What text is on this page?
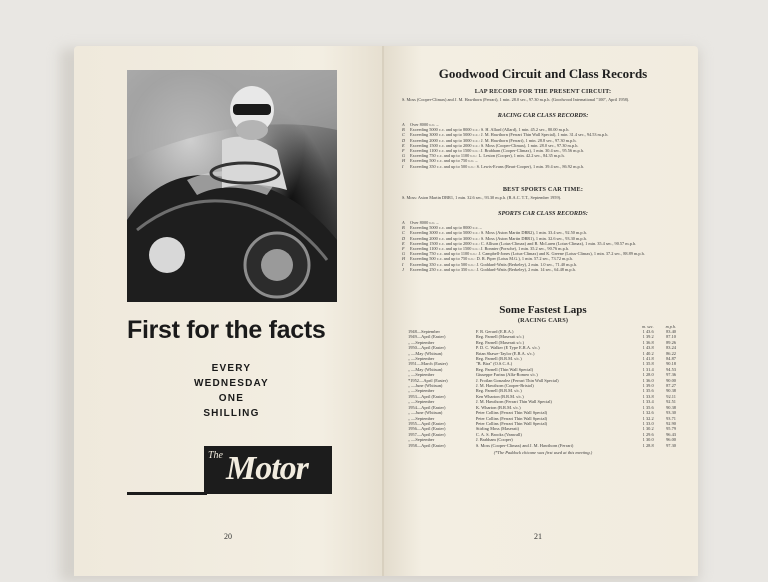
First for the facts
EVERY
WEDNESDAY
ONE
SHILLING
The Motor
20
Goodwood Circuit and Class Records
LAP RECORD FOR THE PRESENT CIRCUIT:
S. Moss (Cooper-Climax) and J. M. Hawthorn (Ferrari), 1 min. 28.0 sec., 97.30 m.p.h. (Goodwood International "100", April 1958).
RACING CAR CLASS RECORDS:
A	Over 8000 c.c. –
B	Exceeding 5000 c.c. and up to 8000 c.c.: S. H. Allard (Allard), 1 min. 45.2 sec., 80.00 m.p.h.
C	Exceeding 3000 c.c. and up to 5000 c.c.: J. M. Hawthorn (Ferrari Thin Wall Special), 1 min. 31.4 sec., 94.53 m.p.h.
D	Exceeding 2000 c.c. and up to 3000 c.c.: J. M. Hawthorn (Ferrari), 1 min. 28.8 sec., 97.30 m.p.h.
E	Exceeding 1500 c.c. and up to 2000 c.c.: S. Moss (Cooper-Climax), 1 min. 28.0 sec., 97.30 m.p.h.
F	Exceeding 1100 c.c. and up to 1500 c.c.: J. Brabham (Cooper-Climax), 1 min. 30.4 sec., 95.56 m.p.h.
G	Exceeding 750 c.c. and up to 1100 c.c.: L. Leston (Cooper), 1 min. 42.2 sec., 84.35 m.p.h.
H	Exceeding 500 c.c. and up to 750 c.c. –
I	Exceeding 350 c.c. and up to 500 c.c.: S. Lewis-Evans (Beart-Cooper), 1 min. 39.4 sec., 86.92 m.p.h.
BEST SPORTS CAR TIME:
S. Moss: Aston Martin DBR1, 1 min. 32.6 sec., 93.30 m.p.h. (R.A.C. T.T., September 1959).
SPORTS CAR CLASS RECORDS:
A	Over 8000 c.c. –
B	Exceeding 5000 c.c. and up to 8000 c.c. –
C	Exceeding 3000 c.c. and up to 5000 c.c.: S. Moss (Aston Martin DBR2), 1 min. 33.4 sec., 92.50 m.p.h.
D	Exceeding 2000 c.c. and up to 3000 c.c.: S. Moss (Aston Martin DBR1), 1 min. 32.6 sec., 93.30 m.p.h.
E	Exceeding 1500 c.c. and up to 2000 c.c.: C. Allison (Lotus-Climax) and B. McLaren (Lotus-Climax), 1 min. 35.4 sec., 90.57 m.p.h.
F	Exceeding 1100 c.c. and up to 1500 c.c.: J. Bonnier (Porsche), 1 min. 35.2 sec., 90.76 m.p.h.
G	Exceeding 750 c.c. and up to 1100 c.c.: J. Campbell-Jones (Lotus-Climax) and K. Greene (Lotus-Climax), 1 min. 37.2 sec., 88.89 m.p.h.
H	Exceeding 500 c.c. and up to 750 c.c.: D. R. Piper (Lotus M.G.), 1 min. 57.2 sec., 73.72 m.p.h.
I	Exceeding 350 c.c. and up to 500 c.c.: J. Goddard-Watts (Berkeley), 2 min. 1.0 sec., 71.40 m.p.h.
J	Exceeding 250 c.c. and up to 350 c.c.: J. Goddard-Watts (Berkeley), 2 min. 14 sec., 64.48 m.p.h.
Some Fastest Laps
(RACING CARS)
		m. sec.	m.p.h.
1948—September	F. R. Gerard (E.R.A.)	1 43.6	83.40
1949—April (Easter)	Reg. Parnell (Maserati s/c.)	1 39.2	87.10
„ —September	Reg. Parnell (Maserati s/c.)	1 36.8	89.26
1950—April (Easter)	P. D. C. Walker (E Type E.R.A. s/c.)	1 43.8	83.24
„ —May (Whitsun)	Brian Shawe-Taylor (E.R.A. s/c.)	1 40.2	86.22
„ —September	Reg. Parnell (B.R.M. s/c.)	1 41.8	84.87
1951—March (Easter)	"B. Bira" (O.S.C.A.)	1 35.8	90.18
„ —May (Whitsun)	Reg. Parnell (Thin Wall Special)	1 31.4	94.53
„ —September	Giuseppe Farina (Alfa-Romeo s/c.)	1 28.0	97.36
*1952—April (Easter)	J. Froilan Gonzalez (Ferrari Thin Wall Special)	1 36.0	90.00
„ —June (Whitsun)	J. M. Hawthorn (Cooper-Bristol)	1 39.0	87.27
„ —September	Reg. Parnell (B.R.M. s/c.)	1 35.6	90.38
1953—April (Easter)	Ken Wharton (B.R.M. s/c.)	1 33.8	92.11
„ —September	J. M. Hawthorn (Ferrari Thin Wall Special)	1 33.4	92.51
1954—April (Easter)	K. Wharton (B.R.M. s/c.)	1 35.6	90.38
„ —June (Whitsun)	Peter Collins (Ferrari Thin Wall Special)	1 32.6	93.30
„ —September	Peter Collins (Ferrari Thin Wall Special)	1 32.2	93.71
1955—April (Easter)	Peter Collins (Ferrari Thin Wall Special)	1 33.0	92.90
1956—April (Easter)	Stirling Moss (Maserati)	1 30.2	95.79
1957—April (Easter)	C. A. S. Brooks (Vanwall)	1 29.6	96.43
„ —September	J. Brabham (Cooper)	1 30.0	96.00
1958—April (Easter)	S. Moss (Cooper-Climax) and J. M. Hawthorn (Ferrari)	1 28.8	97.30
(*The Paddock chicane was first used at this meeting.)
21
